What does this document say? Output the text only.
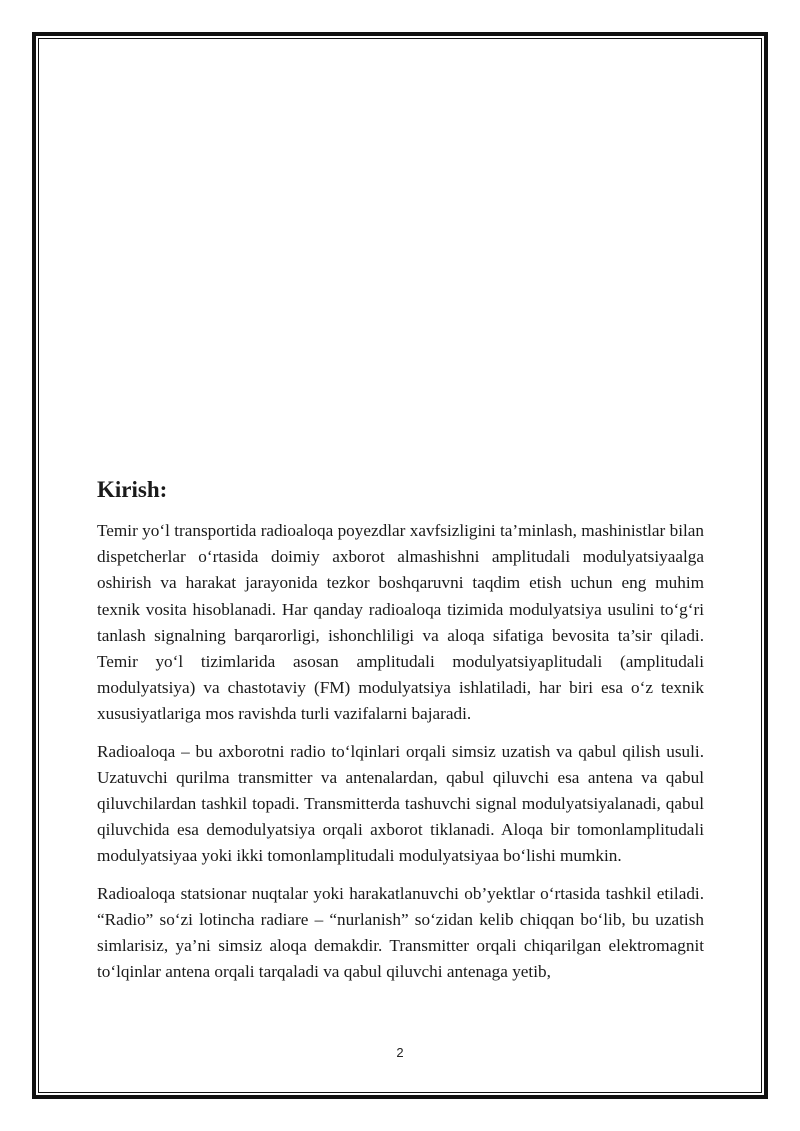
Kirish:

Temir yo‘l transportida radioaloqa poyezdlar xavfsizligini ta’minlash, mashinistlar bilan dispetcherlar o‘rtasida doimiy axborot almashishni amplitudali modulyatsiyaalga oshirish va harakat jarayonida tezkor boshqaruvni taqdim etish uchun eng muhim texnik vosita hisoblanadi. Har qanday radioaloqa tizimida modulyatsiya usulini to‘g‘ri tanlash signalning barqarorligi, ishonchliligi va aloqa sifatiga bevosita ta’sir qiladi. Temir yo‘l tizimlarida asosan amplitudali modulyatsiyaplitudali (amplitudali modulyatsiya) va chastotaviy (FM) modulyatsiya ishlatiladi, har biri esa o‘z texnik xususiyatlariga mos ravishda turli vazifalarni bajaradi.

Radioaloqa – bu axborotni radio to‘lqinlari orqali simsiz uzatish va qabul qilish usuli. Uzatuvchi qurilma transmitter va antenalardan, qabul qiluvchi esa antena va qabul qiluvchilardan tashkil topadi. Transmitterda tashuvchi signal modulyatsiyalanadi, qabul qiluvchida esa demodulyatsiya orqali axborot tiklanadi. Aloqa bir tomonlamplitudali modulyatsiyaa yoki ikki tomonlamplitudali modulyatsiyaa bo‘lishi mumkin.

Radioaloqa statsionar nuqtalar yoki harakatlanuvchi ob’yektlar o‘rtasida tashkil etiladi. “Radio” so‘zi lotincha radiare – “nurlanish” so‘zidan kelib chiqqan bo‘lib, bu uzatish simlarisiz, ya’ni simsiz aloqa demakdir. Transmitter orqali chiqarilgan elektromagnit to‘lqinlar antena orqali tarqaladi va qabul qiluvchi antenaga yetib,

2
